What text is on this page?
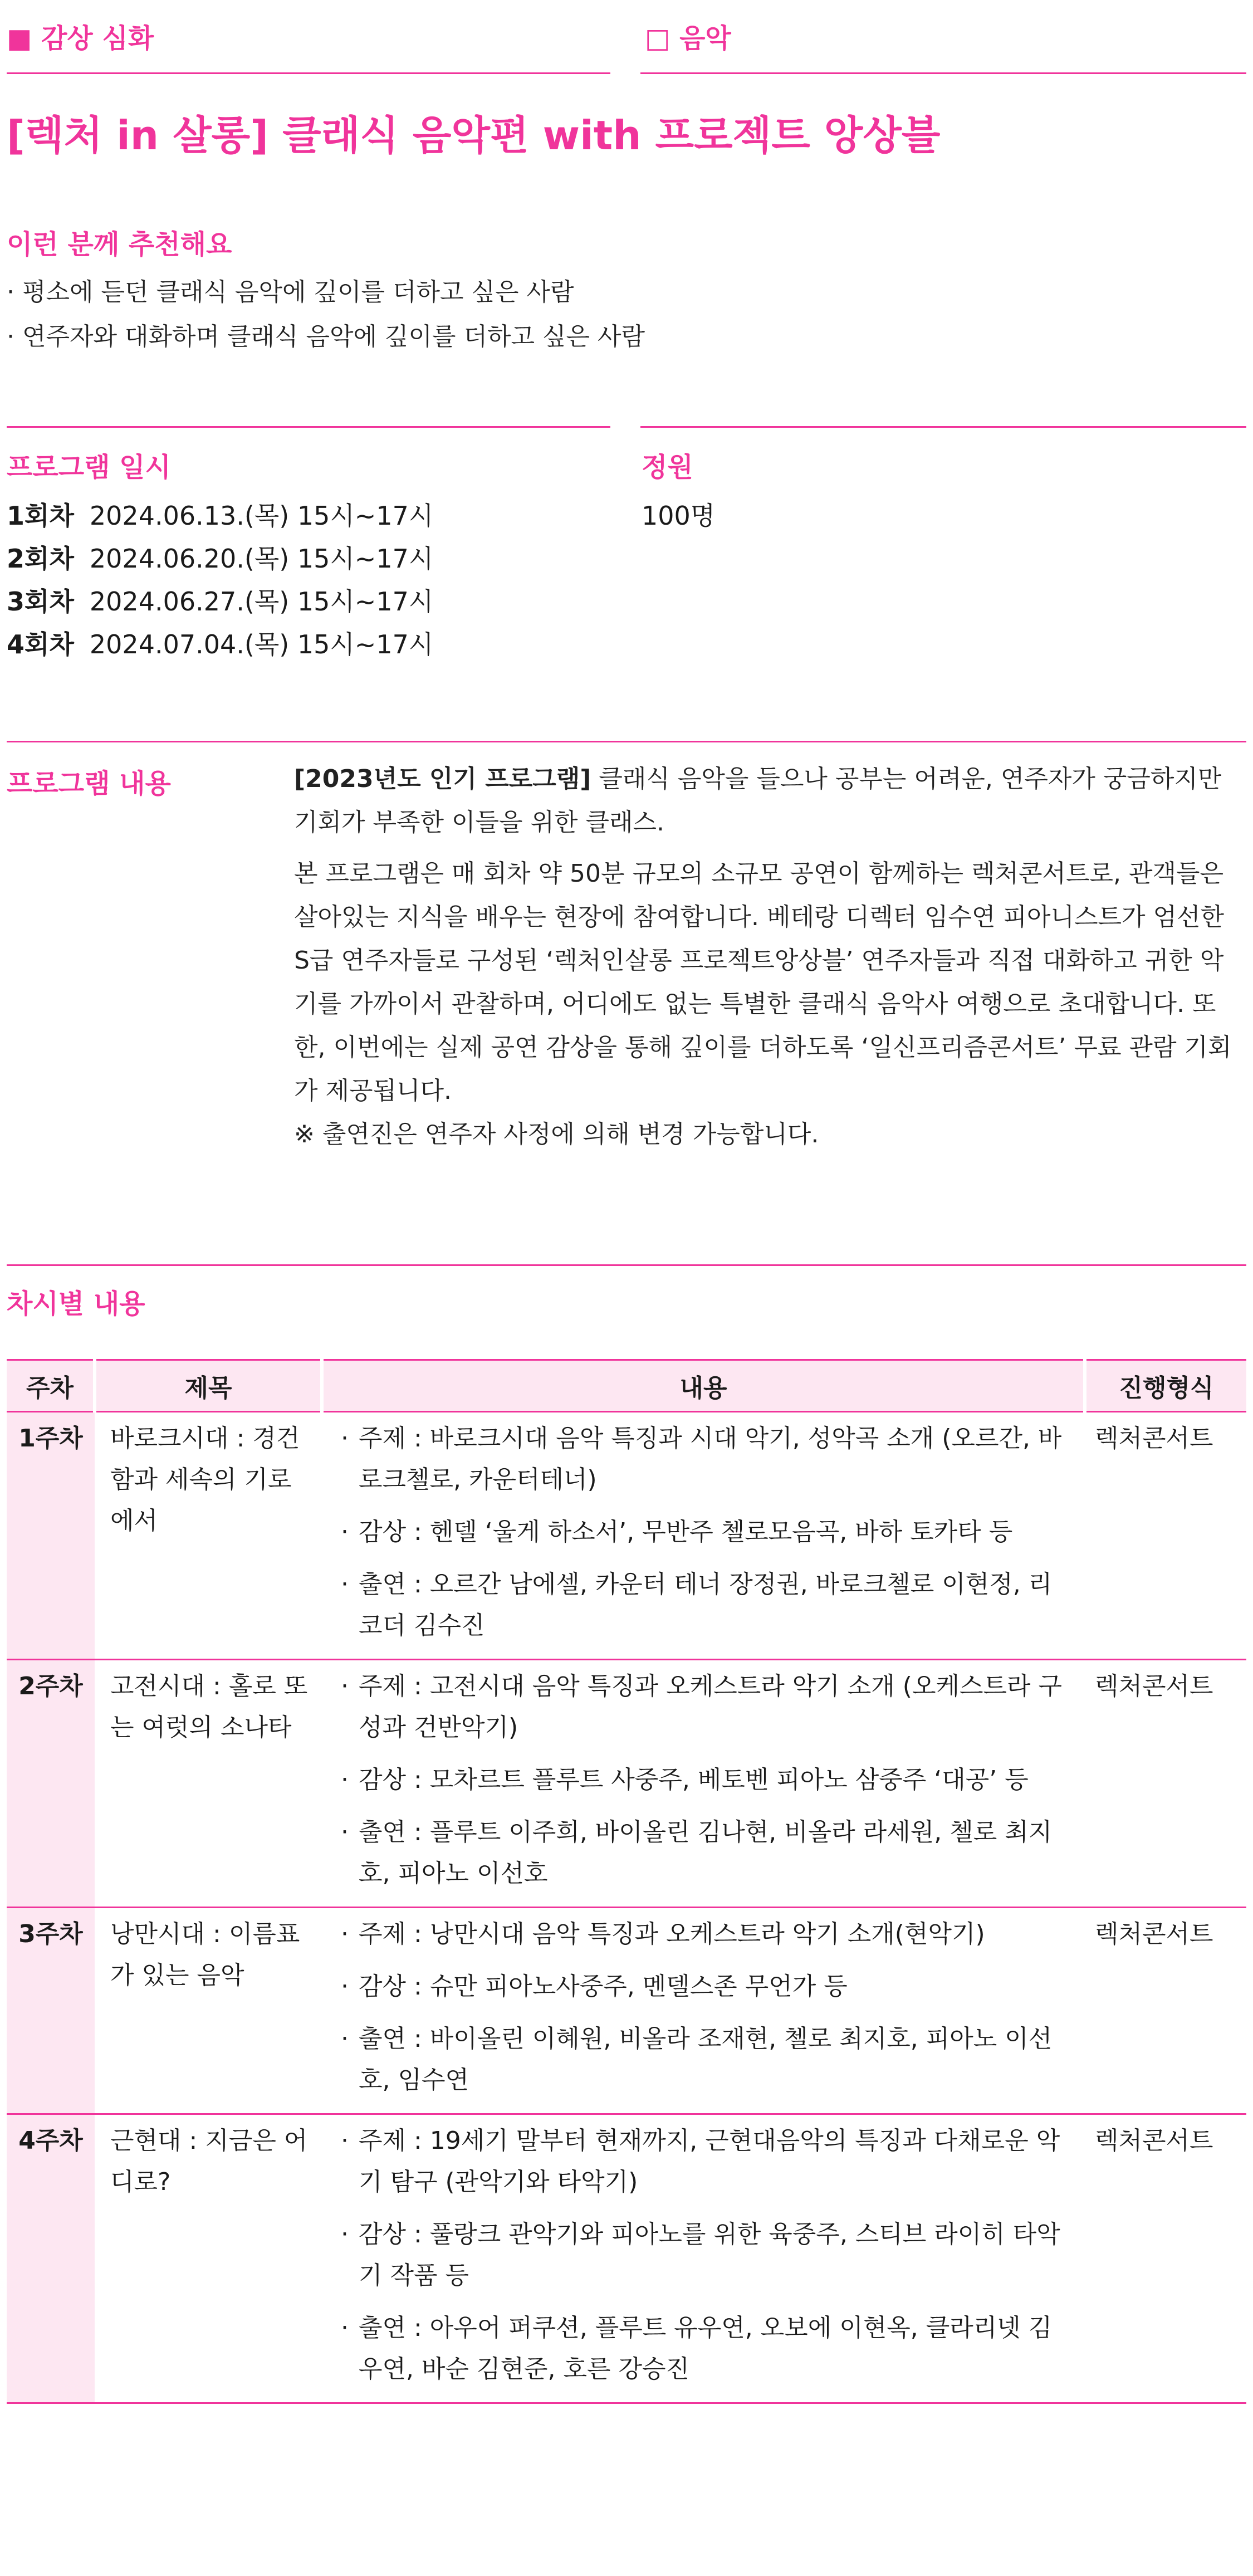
■ 감상 심화	□ 음악
[렉처 in 살롱] 클래식 음악편 with 프로젝트 앙상블
이런 분께 추천해요
· 평소에 듣던 클래식 음악에 깊이를 더하고 싶은 사람
· 연주자와 대화하며 클래식 음악에 깊이를 더하고 싶은 사람
프로그램 일시	정원
1회차 2024.06.13.(목) 15시~17시
2회차 2024.06.20.(목) 15시~17시
3회차 2024.06.27.(목) 15시~17시
4회차 2024.07.04.(목) 15시~17시
100명
프로그램 내용	[2023년도 인기 프로그램] 클래식 음악을 들으나 공부는 어려운, 연주자가 궁금하지만 기회가 부족한 이들을 위한 클래스.

본 프로그램은 매 회차 약 50분 규모의 소규모 공연이 함께하는 렉처콘서트로, 관객들은 살아있는 지식을 배우는 현장에 참여합니다. 베테랑 디렉터 임수연 피아니스트가 엄선한 S급 연주자들로 구성된 ‘렉처인살롱 프로젝트앙상블’ 연주자들과 직접 대화하고 귀한 악기를 가까이서 관찰하며, 어디에도 없는 특별한 클래식 음악사 여행으로 초대합니다. 또한, 이번에는 실제 공연 감상을 통해 깊이를 더하도록 ‘일신프리즘콘서트’ 무료 관람 기회가 제공됩니다.

※ 출연진은 연주자 사정에 의해 변경 가능합니다.

차시별 내용
주차	제목	내용	진행형식
1주차	바로크시대 : 경건함과 세속의 기로에서	· 주제 : 바로크시대 음악 특징과 시대 악기, 성악곡 소개 (오르간, 바로크첼로, 카운터테너)
· 감상 : 헨델 ‘울게 하소서’, 무반주 첼로모음곡, 바하 토카타 등
· 출연 : 오르간 남에셀, 카운터 테너 장정권, 바로크첼로 이현정, 리코더 김수진	렉처콘서트
2주차	고전시대 : 홀로 또는 여럿의 소나타	· 주제 : 고전시대 음악 특징과 오케스트라 악기 소개 (오케스트라 구성과 건반악기)
· 감상 : 모차르트 플루트 사중주, 베토벤 피아노 삼중주 ‘대공’ 등
· 출연 : 플루트 이주희, 바이올린 김나현, 비올라 라세원, 첼로 최지호, 피아노 이선호	렉처콘서트
3주차	낭만시대 : 이름표가 있는 음악	· 주제 : 낭만시대 음악 특징과 오케스트라 악기 소개(현악기)
· 감상 : 슈만 피아노사중주, 멘델스존 무언가 등
· 출연 : 바이올린 이혜원, 비올라 조재현, 첼로 최지호, 피아노 이선호, 임수연	렉처콘서트
4주차	근현대 : 지금은 어디로?	· 주제 : 19세기 말부터 현재까지, 근현대음악의 특징과 다채로운 악기 탐구 (관악기와 타악기)
· 감상 : 풀랑크 관악기와 피아노를 위한 육중주, 스티브 라이히 타악기 작품 등
· 출연 : 아우어 퍼쿠션, 플루트 유우연, 오보에 이현옥, 클라리넷 김우연, 바순 김현준, 호른 강승진	렉처콘서트
